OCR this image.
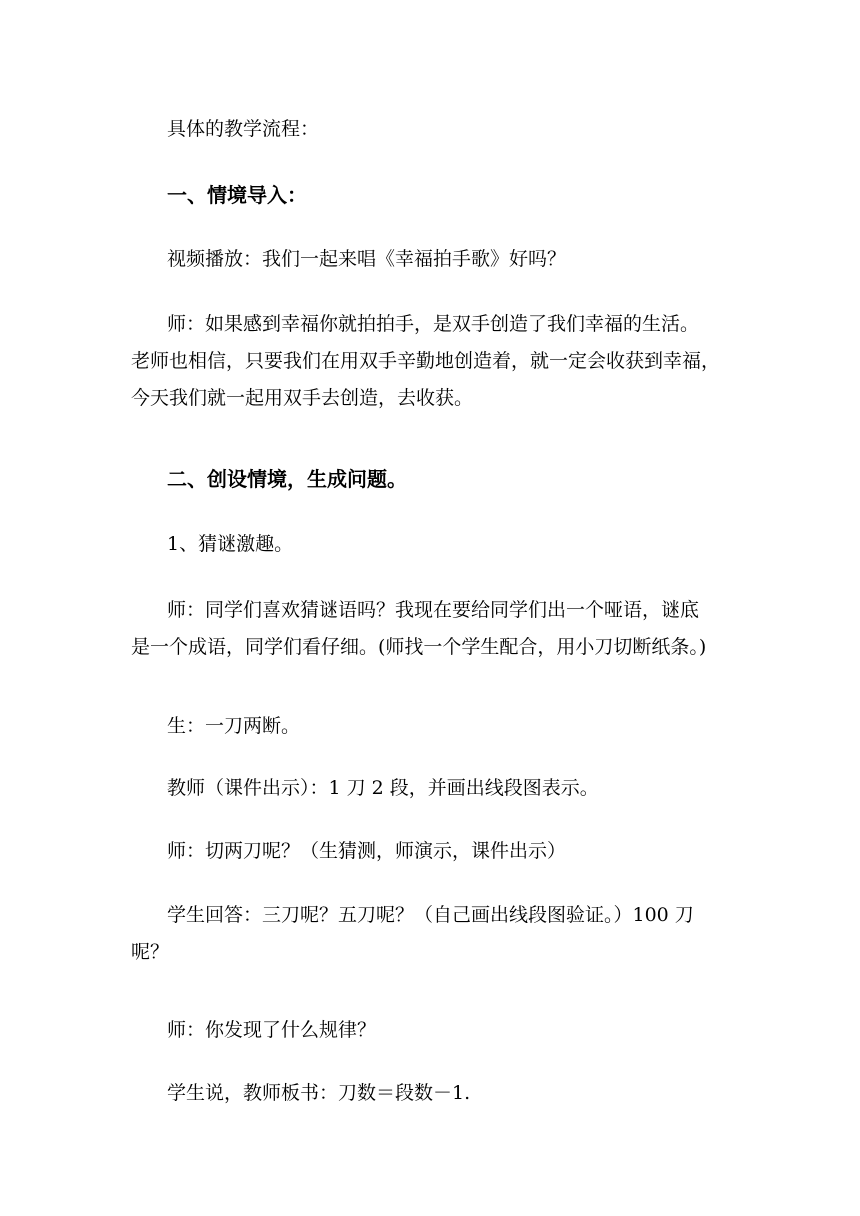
具体的教学流程：
一、情境导入：
视频播放：我们一起来唱《幸福拍手歌》好吗？
师：如果感到幸福你就拍拍手，是双手创造了我们幸福的生活。
老师也相信，只要我们在用双手辛勤地创造着，就一定会收获到幸福，
今天我们就一起用双手去创造，去收获。
二、创设情境，生成问题。
1、猜谜激趣。
师：同学们喜欢猜谜语吗？我现在要给同学们出一个哑语，谜底
是一个成语，同学们看仔细。(师找一个学生配合，用小刀切断纸条。)
生：一刀两断。
教师（课件出示）：1 刀 2 段，并画出线段图表示。
师：切两刀呢？（生猜测，师演示，课件出示）
学生回答：三刀呢？五刀呢？（自己画出线段图验证。）100 刀
呢？
师：你发现了什么规律？
学生说，教师板书：刀数＝段数－1.
